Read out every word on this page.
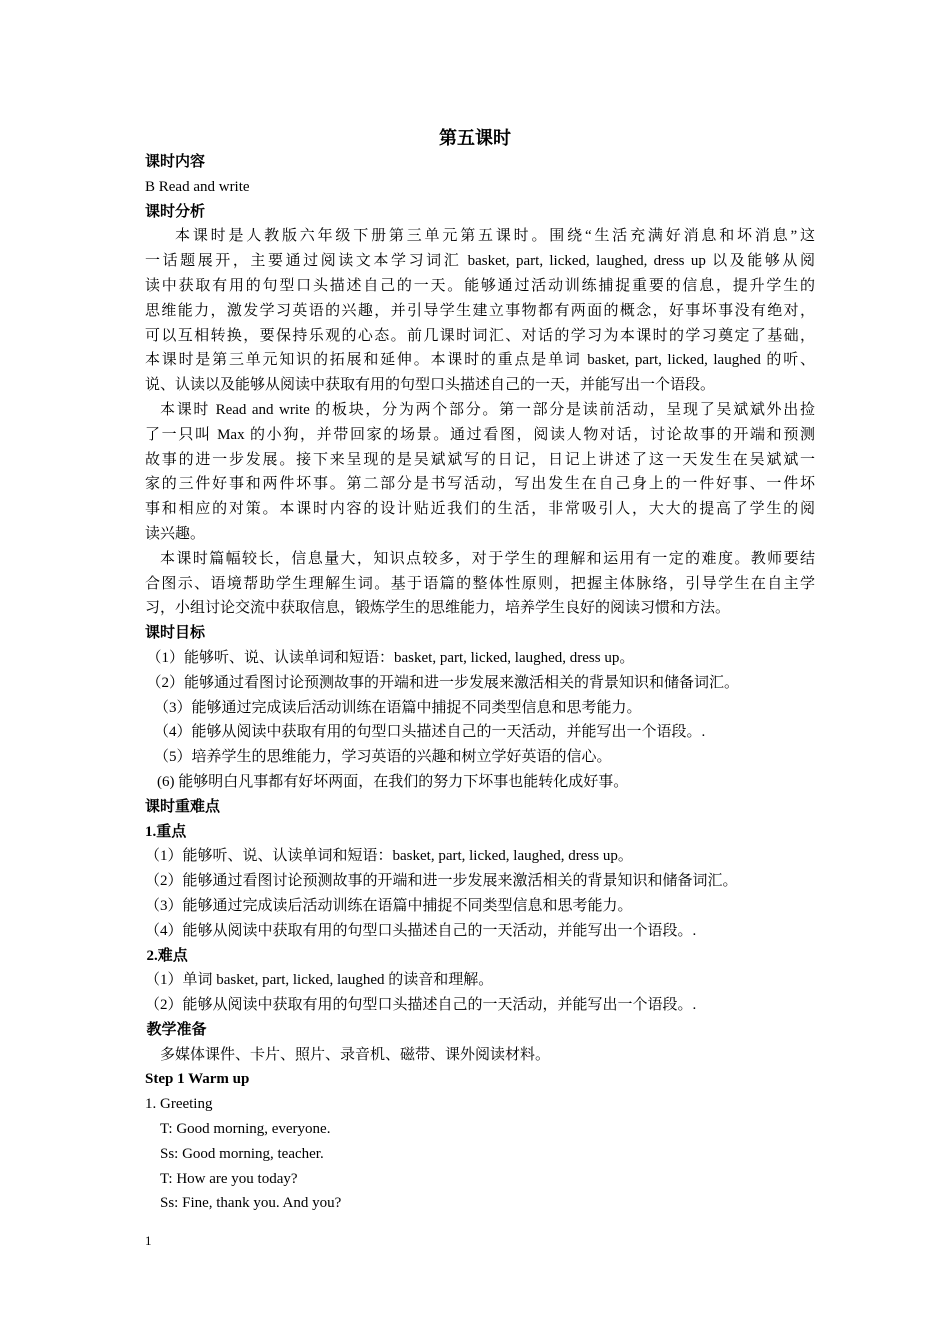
第五课时
课时内容
B Read and write
课时分析
本课时是人教版六年级下册第三单元第五课时。围绕“生活充满好消息和坏消息”这
一话题展开，主要通过阅读文本学习词汇 basket, part, licked, laughed, dress up 以及能够从阅
读中获取有用的句型口头描述自己的一天。能够通过活动训练捕捉重要的信息，提升学生的
思维能力，激发学习英语的兴趣，并引导学生建立事物都有两面的概念，好事坏事没有绝对，
可以互相转换，要保持乐观的心态。前几课时词汇、对话的学习为本课时的学习奠定了基础，
本课时是第三单元知识的拓展和延伸。本课时的重点是单词 basket, part, licked, laughed 的听、
说、认读以及能够从阅读中获取有用的句型口头描述自己的一天，并能写出一个语段。
本课时 Read and write 的板块，分为两个部分。第一部分是读前活动，呈现了吴斌斌外出捡
了一只叫 Max 的小狗，并带回家的场景。通过看图，阅读人物对话，讨论故事的开端和预测
故事的进一步发展。接下来呈现的是吴斌斌写的日记，日记上讲述了这一天发生在吴斌斌一
家的三件好事和两件坏事。第二部分是书写活动，写出发生在自己身上的一件好事、一件坏
事和相应的对策。本课时内容的设计贴近我们的生活，非常吸引人，大大的提高了学生的阅
读兴趣。
本课时篇幅较长，信息量大，知识点较多，对于学生的理解和运用有一定的难度。教师要结
合图示、语境帮助学生理解生词。基于语篇的整体性原则，把握主体脉络，引导学生在自主学
习，小组讨论交流中获取信息，锻炼学生的思维能力，培养学生良好的阅读习惯和方法。
课时目标
（1）能够听、说、认读单词和短语：basket, part, licked, laughed, dress up。
（2）能够通过看图讨论预测故事的开端和进一步发展来激活相关的背景知识和储备词汇。
（3）能够通过完成读后活动训练在语篇中捕捉不同类型信息和思考能力。
（4）能够从阅读中获取有用的句型口头描述自己的一天活动，并能写出一个语段。.
（5）培养学生的思维能力，学习英语的兴趣和树立学好英语的信心。
(6) 能够明白凡事都有好坏两面，在我们的努力下坏事也能转化成好事。
课时重难点
1.重点
（1）能够听、说、认读单词和短语：basket, part, licked, laughed, dress up。
（2）能够通过看图讨论预测故事的开端和进一步发展来激活相关的背景知识和储备词汇。
（3）能够通过完成读后活动训练在语篇中捕捉不同类型信息和思考能力。
（4）能够从阅读中获取有用的句型口头描述自己的一天活动，并能写出一个语段。.
2.难点
（1）单词 basket, part, licked, laughed 的读音和理解。
（2）能够从阅读中获取有用的句型口头描述自己的一天活动，并能写出一个语段。.
教学准备
多媒体课件、卡片、照片、录音机、磁带、课外阅读材料。
Step 1 Warm up
1. Greeting
T: Good morning, everyone.
Ss: Good morning, teacher.
T: How are you today?
Ss: Fine, thank you. And you?
1
